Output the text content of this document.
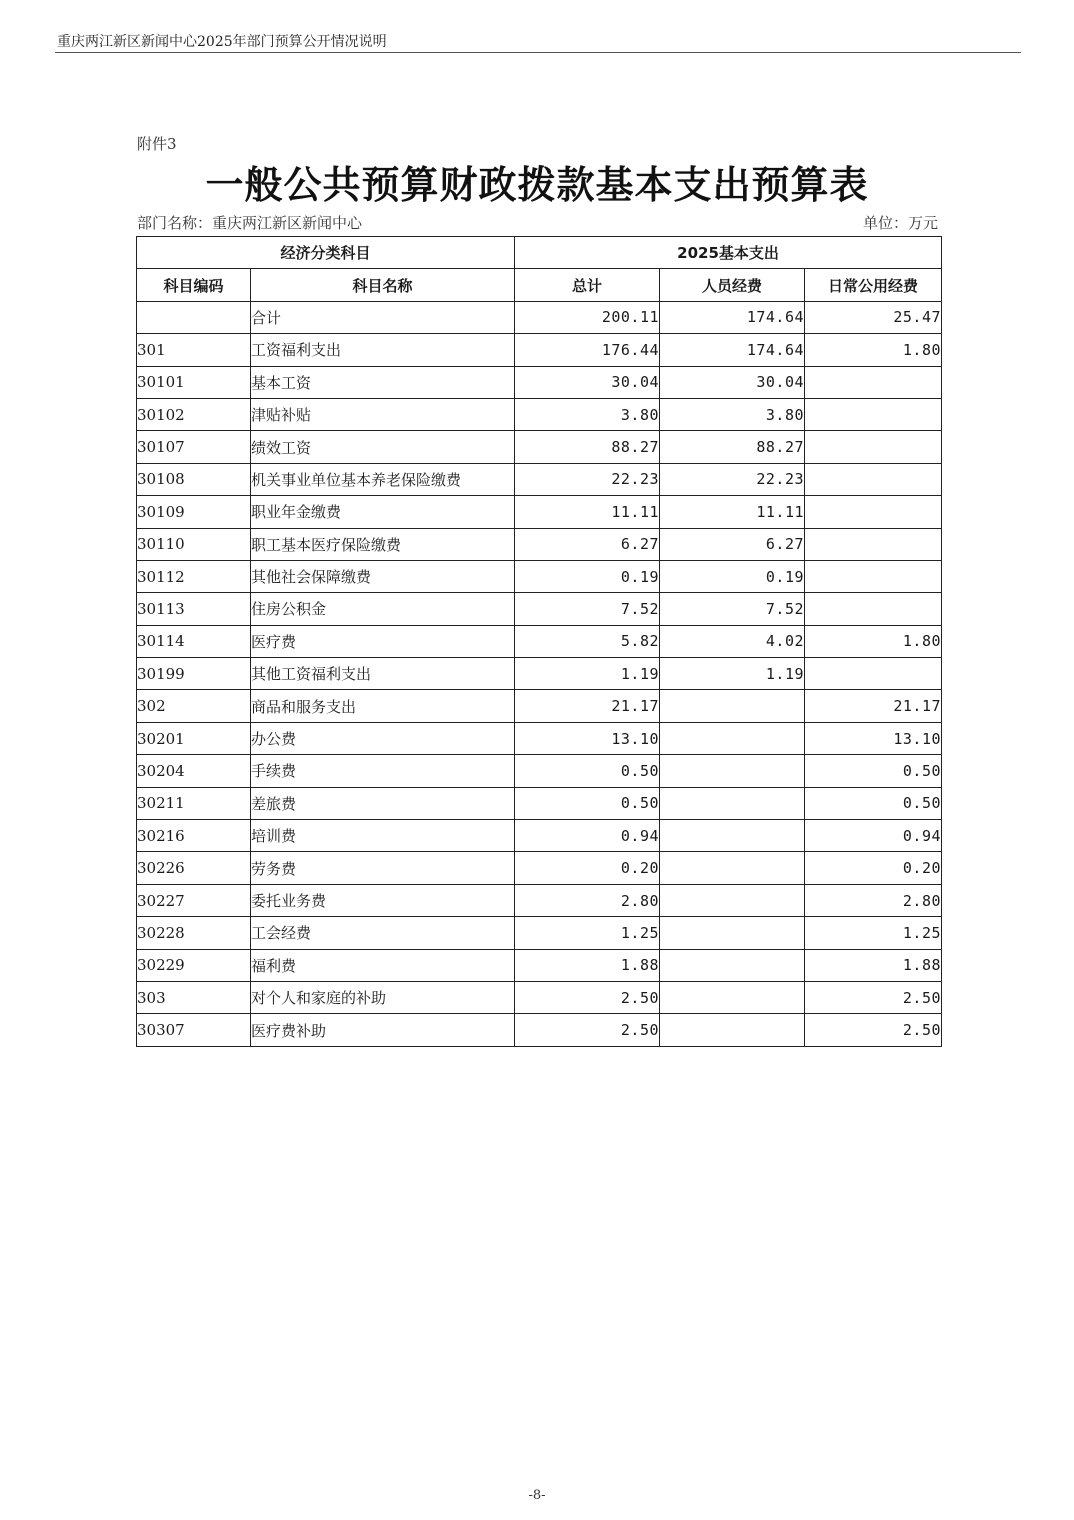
重庆两江新区新闻中心2025年部门预算公开情况说明
附件3
一般公共预算财政拨款基本支出预算表
部门名称：重庆两江新区新闻中心	单位：万元
经济分类科目		2025基本支出		
科目编码	科目名称	总计	人员经费	日常公用经费
	合计	200.11	174.64	25.47
301	工资福利支出	176.44	174.64	1.80
30101	基本工资	30.04	30.04	
30102	津贴补贴	3.80	3.80	
30107	绩效工资	88.27	88.27	
30108	机关事业单位基本养老保险缴费	22.23	22.23	
30109	职业年金缴费	11.11	11.11	
30110	职工基本医疗保险缴费	6.27	6.27	
30112	其他社会保障缴费	0.19	0.19	
30113	住房公积金	7.52	7.52	
30114	医疗费	5.82	4.02	1.80
30199	其他工资福利支出	1.19	1.19	
302	商品和服务支出	21.17		21.17
30201	办公费	13.10		13.10
30204	手续费	0.50		0.50
30211	差旅费	0.50		0.50
30216	培训费	0.94		0.94
30226	劳务费	0.20		0.20
30227	委托业务费	2.80		2.80
30228	工会经费	1.25		1.25
30229	福利费	1.88		1.88
303	对个人和家庭的补助	2.50		2.50
30307	医疗费补助	2.50		2.50
-8-
